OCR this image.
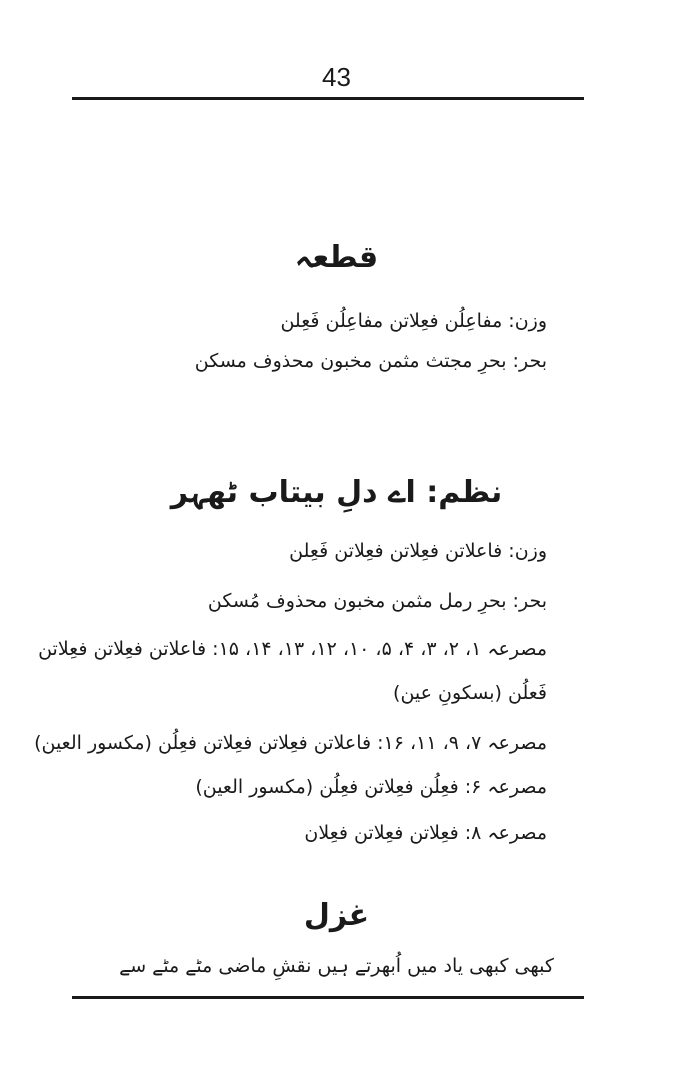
43
قطعہ
وزن: مفاعِلُن فعِلاتن مفاعِلُن فَعِلن
بحر: بحرِ مجتث مثمن مخبون محذوف مسکن
نظم: اے دلِ بیتاب ٹھہر
وزن: فاعلاتن فعِلاتن فعِلاتن فَعِلن
بحر: بحرِ رمل مثمن مخبون محذوف مُسکن
مصرعہ ۱، ۲، ۳، ۴، ۵، ۱۰، ۱۲، ۱۳، ۱۴، ۱۵: فاعلاتن فعِلاتن فعِلاتن
فَعلُن (بسکونِ عین)
مصرعہ ۷، ۹، ۱۱، ۱۶: فاعلاتن فعِلاتن فعِلاتن فعِلُن (مکسور العین)
مصرعہ ۶: فعِلُن فعِلاتن فعِلُن (مکسور العین)
مصرعہ ۸: فعِلاتن فعِلاتن فعِلان
غزل
کبھی کبھی یاد میں اُبھرتے ہیں نقشِ ماضی مٹے مٹے سے
